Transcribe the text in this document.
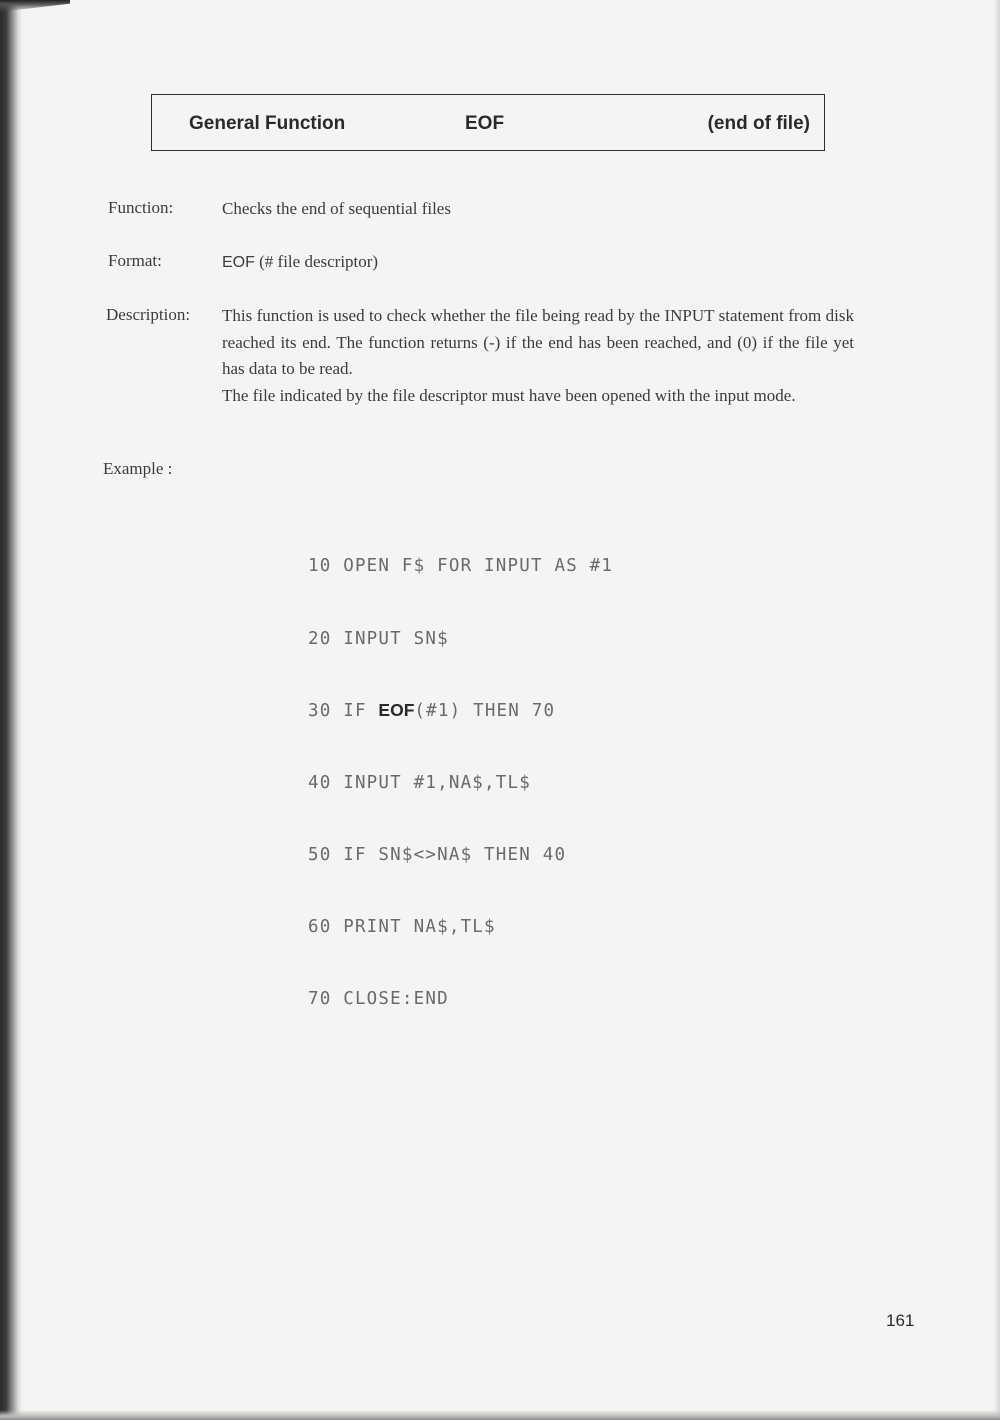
General Function	EOF	(end of file)
Function:	Checks the end of sequential files
Format:	EOF (# file descriptor)
Description: This function is used to check whether the file being read by the INPUT statement from disk reached its end. The function returns (-) if the end has been reached, and (0) if the file yet has data to be read.

The file indicated by the file descriptor must have been opened with the input mode.

Example :

10 OPEN F$ FOR INPUT AS #1

20 INPUT SN$

30 IF EOF(#1) THEN 70

40 INPUT #1,NA$,TL$

50 IF SN$<>NA$ THEN 40

60 PRINT NA$,TL$

70 CLOSE:END

161
